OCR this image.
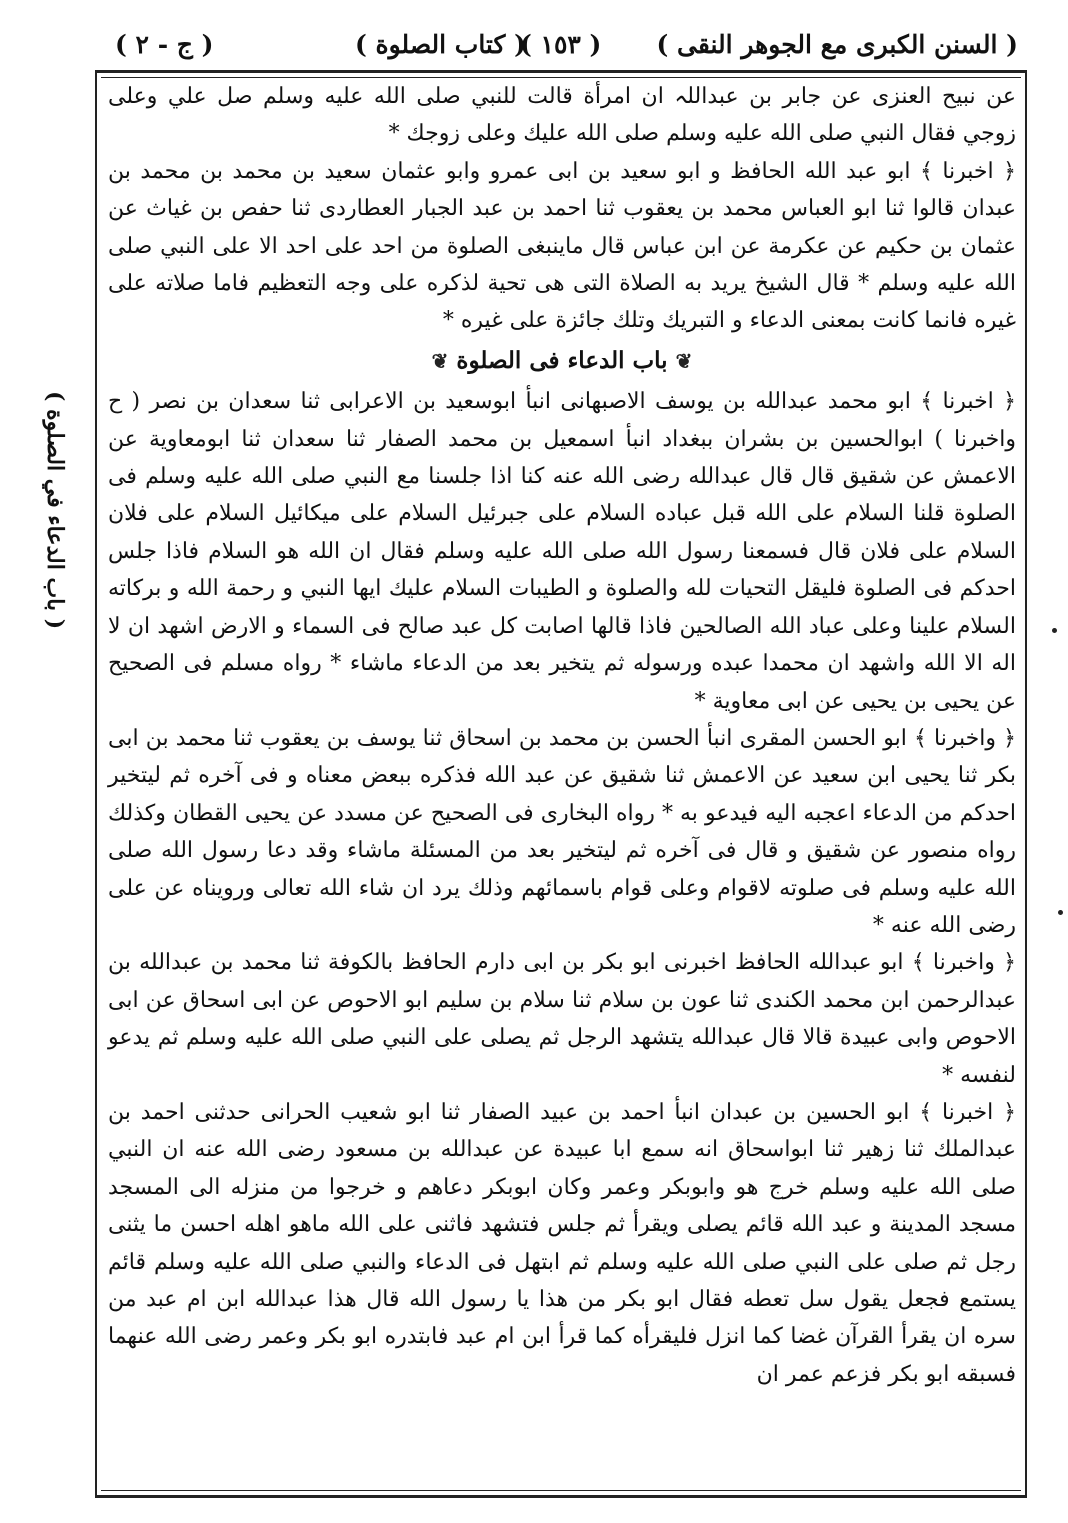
( السنن الكبرى مع الجوهر النقى )
( ١٥٣ )
( كتاب الصلوة )
( ج - ٢ )
( باب الدعاء في الصلوة )

عن نبيح العنزى عن جابر بن عبداللہ ان امرأة قالت للنبي صلى الله عليه وسلم صل علي وعلى زوجي فقال النبي صلى الله عليه وسلم صلى الله عليك وعلى زوجك *

﴿ اخبرنا ﴾ ابو عبد الله الحافظ و ابو سعيد بن ابى عمرو وابو عثمان سعيد بن محمد بن محمد بن عبدان قالوا ثنا ابو العباس محمد بن يعقوب ثنا احمد بن عبد الجبار العطاردى ثنا حفص بن غياث عن عثمان بن حكيم عن عكرمة عن ابن عباس قال ماينبغى الصلوة من احد على احد الا على النبي صلى الله عليه وسلم * قال الشيخ يريد به الصلاة التى هى تحية لذكره على وجه التعظيم فاما صلاته على غيره فانما كانت بمعنى الدعاء و التبريك وتلك جائزة على غيره *

❦ باب الدعاء فى الصلوة ❦

﴿ اخبرنا ﴾ ابو محمد عبدالله بن يوسف الاصبهانى انبأ ابوسعيد بن الاعرابى ثنا سعدان بن نصر ( ح واخبرنا ) ابوالحسين بن بشران ببغداد انبأ اسمعيل بن محمد الصفار ثنا سعدان ثنا ابومعاوية عن الاعمش عن شقيق قال قال عبدالله رضى الله عنه كنا اذا جلسنا مع النبي صلى الله عليه وسلم فى الصلوة قلنا السلام على الله قبل عباده السلام على جبرئيل السلام على ميكائيل السلام على فلان السلام على فلان قال فسمعنا رسول الله صلى الله عليه وسلم فقال ان الله هو السلام فاذا جلس احدكم فى الصلوة فليقل التحيات لله والصلوة و الطيبات السلام عليك ايها النبي و رحمة الله و بركاته السلام علينا وعلى عباد الله الصالحين فاذا قالها اصابت كل عبد صالح فى السماء و الارض اشهد ان لا اله الا الله واشهد ان محمدا عبده ورسوله ثم يتخير بعد من الدعاء ماشاء * رواه مسلم فى الصحيح عن يحيى بن يحيى عن ابى معاوية *

﴿ واخبرنا ﴾ ابو الحسن المقرى انبأ الحسن بن محمد بن اسحاق ثنا يوسف بن يعقوب ثنا محمد بن ابى بكر ثنا يحيى ابن سعيد عن الاعمش ثنا شقيق عن عبد الله فذكره ببعض معناه و فى آخره ثم ليتخير احدكم من الدعاء اعجبه اليه فيدعو به * رواه البخارى فى الصحيح عن مسدد عن يحيى القطان وكذلك رواه منصور عن شقيق و قال فى آخره ثم ليتخير بعد من المسئلة ماشاء وقد دعا رسول الله صلى الله عليه وسلم فى صلوته لاقوام وعلى قوام باسمائهم وذلك يرد ان شاء الله تعالى ورويناه عن على رضى الله عنه *

﴿ واخبرنا ﴾ ابو عبدالله الحافظ اخبرنى ابو بكر بن ابى دارم الحافظ بالكوفة ثنا محمد بن عبدالله بن عبدالرحمن ابن محمد الكندى ثنا عون بن سلام ثنا سلام بن سليم ابو الاحوص عن ابى اسحاق عن ابى الاحوص وابى عبيدة قالا قال عبدالله يتشهد الرجل ثم يصلى على النبي صلى الله عليه وسلم ثم يدعو لنفسه *

﴿ اخبرنا ﴾ ابو الحسين بن عبدان انبأ احمد بن عبيد الصفار ثنا ابو شعيب الحرانى حدثنى احمد بن عبدالملك ثنا زهير ثنا ابواسحاق انه سمع ابا عبيدة عن عبدالله بن مسعود رضى الله عنه ان النبي صلى الله عليه وسلم خرج هو وابوبكر وعمر وكان ابوبكر دعاهم و خرجوا من منزله الى المسجد مسجد المدينة و عبد الله قائم يصلى ويقرأ ثم جلس فتشهد فاثنى على الله ماهو اهله احسن ما يثنى رجل ثم صلى على النبي صلى الله عليه وسلم ثم ابتهل فى الدعاء والنبي صلى الله عليه وسلم قائم يستمع فجعل يقول سل تعطه فقال ابو بكر من هذا يا رسول الله قال هذا عبدالله ابن ام عبد من سره ان يقرأ القرآن غضا كما انزل فليقرأه كما قرأ ابن ام عبد فابتدره ابو بكر وعمر رضى الله عنهما فسبقه ابو بكر فزعم عمر ان
